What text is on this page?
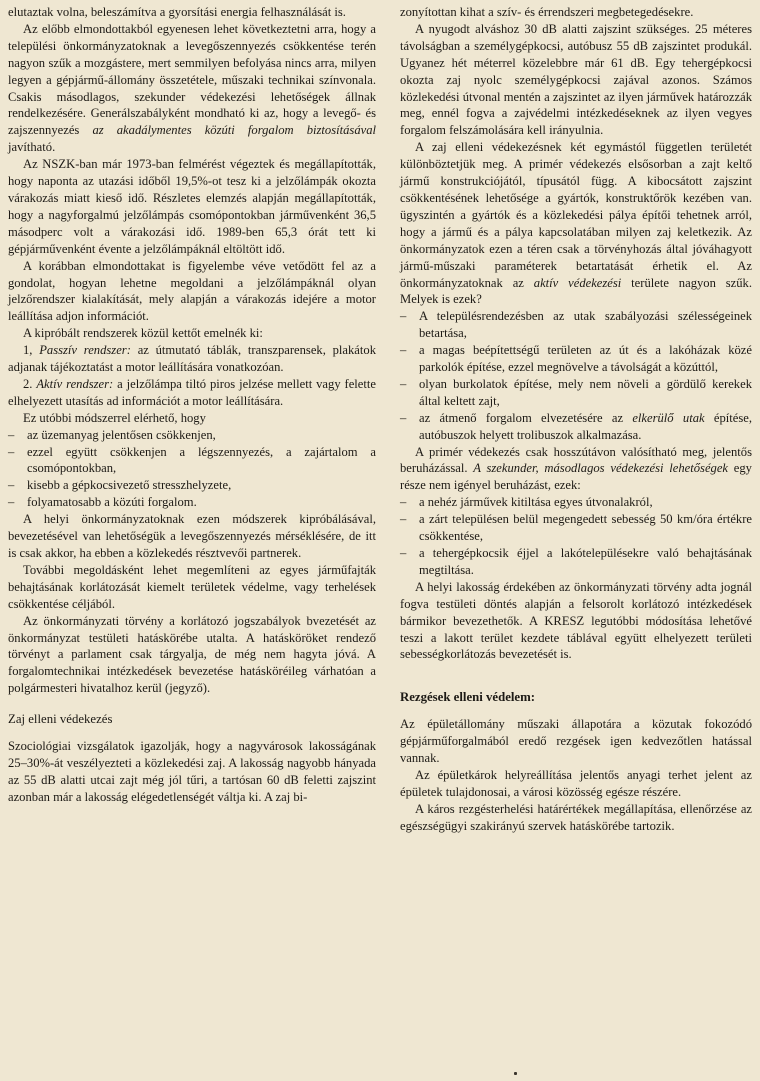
elutaztak volna, beleszámítva a gyorsítási energia felhasználását is.

Az előbb elmondottakból egyenesen lehet következtetni arra, hogy a települési önkormányzatoknak a levegőszennyezés csökkentése terén nagyon szűk a mozgástere, mert semmilyen befolyása nincs arra, milyen legyen a gépjármű-állomány összetétele, műszaki technikai színvonala. Csakis másodlagos, szekunder védekezési lehetőségek állnak rendelkezésére. Generálszabályként mondható ki az, hogy a levegő- és zajszennyezés az akadálymentes közúti forgalom biztosításával javítható.

Az NSZK-ban már 1973-ban felmérést végeztek és megállapították, hogy naponta az utazási időből 19,5%-ot tesz ki a jelzőlámpák okozta várakozás miatt kieső idő. Részletes elemzés alapján megállapították, hogy a nagyforgalmú jelzőlámpás csomópontokban járművenként 36,5 másodperc volt a várakozási idő. 1989-ben 65,3 órát tett ki gépjárművenként évente a jelzőlámpáknál eltöltött idő.

A korábban elmondottakat is figyelembe véve vetődött fel az a gondolat, hogyan lehetne megoldani a jelzőlámpáknál olyan jelzőrendszer kialakítását, mely alapján a várakozás idejére a motor leállítása adjon információt.

A kipróbált rendszerek közül kettőt emelnék ki:

1, Passzív rendszer: az útmutató táblák, transzparensek, plakátok adjanak tájékoztatást a motor leállítására vonatkozóan.

2. Aktív rendszer: a jelzőlámpa tiltó piros jelzése mellett vagy felette elhelyezett utasítás ad információt a motor leállítására.

Ez utóbbi módszerrel elérhető, hogy

– az üzemanyag jelentősen csökkenjen,
– ezzel együtt csökkenjen a légszennyezés, a zajártalom a csomópontokban,
– kisebb a gépkocsivezető stresszhelyzete,
– folyamatosabb a közúti forgalom.

A helyi önkormányzatoknak ezen módszerek kipróbálásával, bevezetésével van lehetőségük a levegőszennyezés mérséklésére, de itt is csak akkor, ha ebben a közlekedés résztvevői partnerek.

További megoldásként lehet megemlíteni az egyes járműfajták behajtásának korlátozását kiemelt területek védelme, vagy terhelések csökkentése céljából.

Az önkormányzati törvény a korlátozó jogszabályok bvezetését az önkormányzat testületi hatáskörébe utalta. A hatásköröket rendező törvényt a parlament csak tárgyalja, de még nem hagyta jóvá. A forgalomtechnikai intézkedések bevezetése hatásköréileg várhatóan a polgármesteri hivatalhoz kerül (jegyző).

Zaj elleni védekezés

Szociológiai vizsgálatok igazolják, hogy a nagyvárosok lakosságának 25–30%-át veszélyezteti a közlekedési zaj. A lakosság nagyobb hányada az 55 dB alatti utcai zajt még jól tűri, a tartósan 60 dB feletti zajszint azonban már a lakosság elégedetlenségét váltja ki. A zaj bi-

zonyítottan kihat a szív- és érrendszeri megbetegedésekre.

A nyugodt alváshoz 30 dB alatti zajszint szükséges. 25 méteres távolságban a személygépkocsi, autóbusz 55 dB zajszintet produkál. Ugyanez hét méterrel közelebbre már 61 dB. Egy tehergépkocsi okozta zaj nyolc személygépkocsi zajával azonos. Számos közlekedési útvonal mentén a zajszintet az ilyen járművek határozzák meg, ennél fogva a zajvédelmi intézkedéseknek az ilyen vegyes forgalom felszámolására kell irányulnia.

A zaj elleni védekezésnek két egymástól független területét különböztetjük meg. A primér védekezés elsősorban a zajt keltő jármű konstrukciójától, típusától függ. A kibocsátott zajszint csökkentésének lehetősége a gyártók, konstruktőrök kezében van. ügyszintén a gyártók és a közlekedési pálya építői tehetnek arról, hogy a jármű és a pálya kapcsolatában milyen zaj keletkezik. Az önkormányzatok ezen a téren csak a törvényhozás által jóváhagyott jármű-műszaki paraméterek betartatását érhetik el. Az önkormányzatoknak az aktív védekezési területe nagyon szűk. Melyek is ezek?

– A településrendezésben az utak szabályozási szélességeinek betartása,
– a magas beépítettségű területen az út és a lakóházak közé parkolók építése, ezzel megnövelve a távolságát a közúttól,
– olyan burkolatok építése, mely nem növeli a gördülő kerekek által keltett zajt,
– az átmenő forgalom elvezetésére az elkerülő utak építése, autóbuszok helyett trolibuszok alkalmazása.

A primér védekezés csak hosszútávon valósítható meg, jelentős beruházással. A szekunder, másodlagos védekezési lehetőségek egy része nem igényel beruházást, ezek:

– a nehéz járművek kitiltása egyes útvonalakról,
– a zárt településen belül megengedett sebesség 50 km/óra értékre csökkentése,
– a tehergépkocsik éjjel a lakótelepülésekre való behajtásának megtiltása.

A helyi lakosság érdekében az önkormányzati törvény adta jognál fogva testületi döntés alapján a felsorolt korlátozó intézkedések bármikor bevezethetők. A KRESZ legutóbbi módosítása lehetővé teszi a lakott terület kezdete táblával együtt elhelyezett területi sebességkorlátozás bevezetését is.

Rezgések elleni védelem:

Az épületállomány műszaki állapotára a közutak fokozódó gépjárműforgalmából eredő rezgések igen kedvezőtlen hatással vannak.

Az épületkárok helyreállítása jelentős anyagi terhet jelent az épületek tulajdonosai, a városi közösség egésze részére.

A káros rezgésterhelési határértékek megállapítása, ellenőrzése az egészségügyi szakirányú szervek hatáskörébe tartozik.
